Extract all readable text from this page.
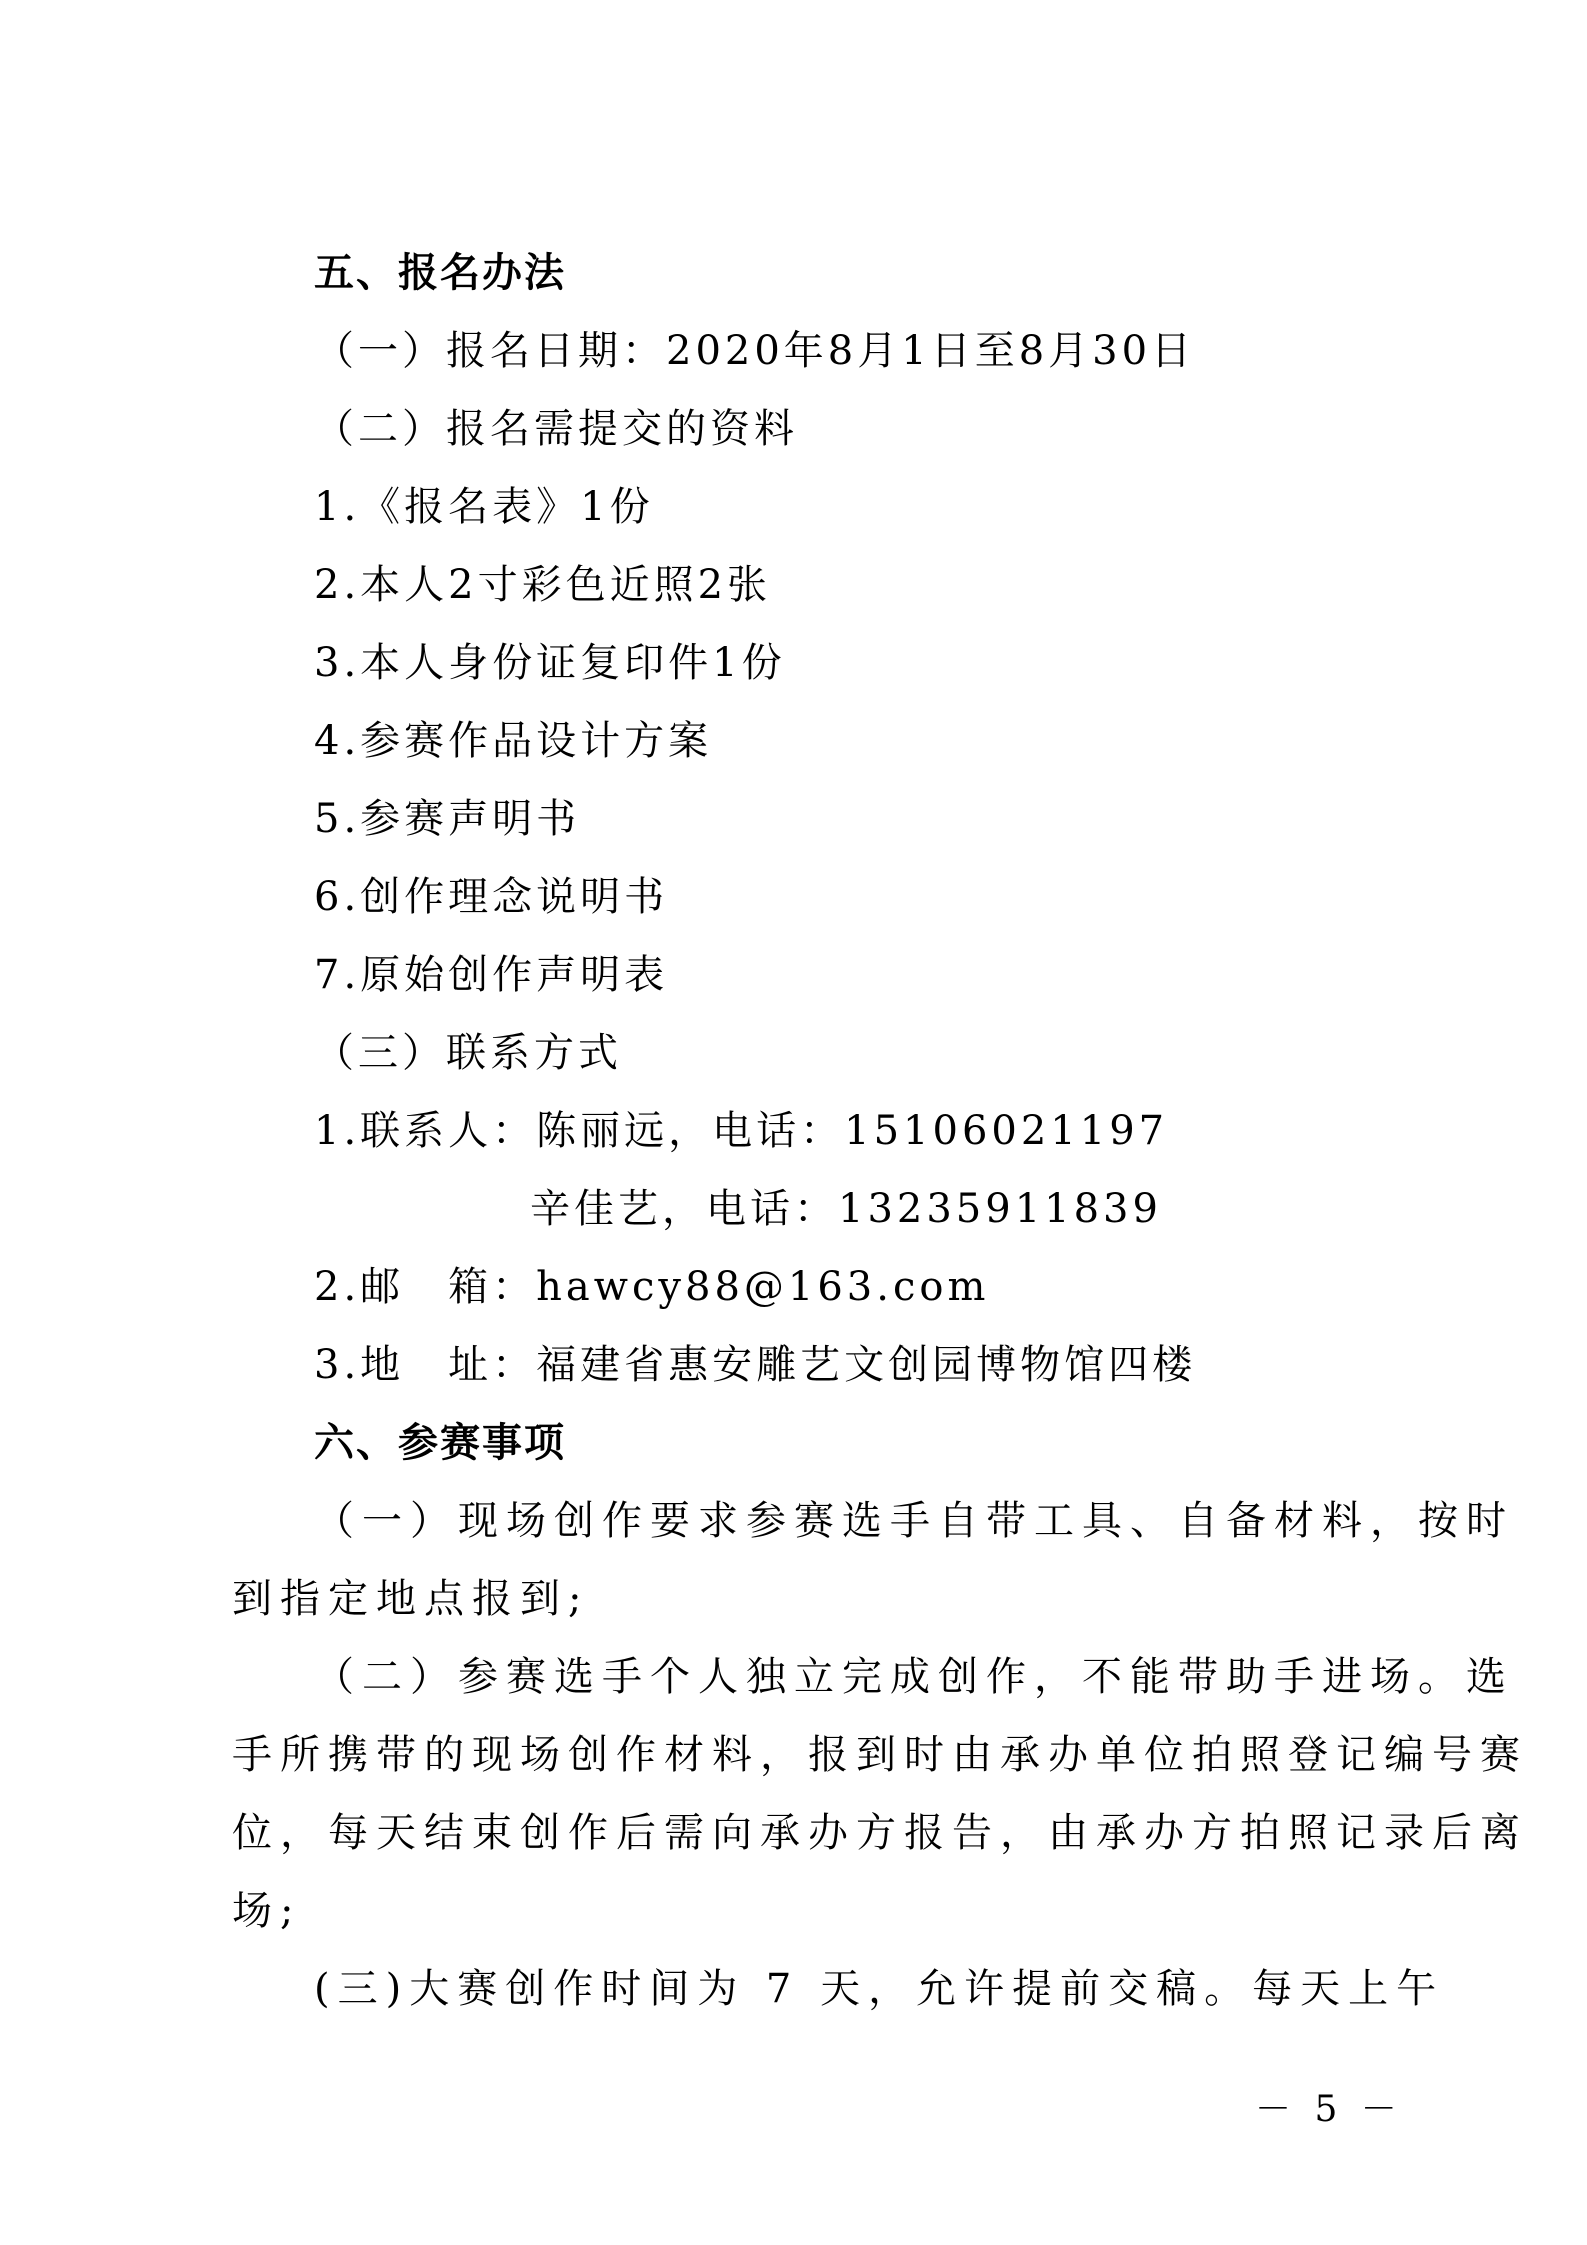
五、报名办法
（一）报名日期：2020年8月1日至8月30日
（二）报名需提交的资料
1.《报名表》1份
2.本人2寸彩色近照2张
3.本人身份证复印件1份
4.参赛作品设计方案
5.参赛声明书
6.创作理念说明书
7.原始创作声明表
（三）联系方式
1.联系人：陈丽远，电话：15106021197
辛佳艺，电话：13235911839
2.邮　箱：hawcy88@163.com
3.地　址：福建省惠安雕艺文创园博物馆四楼
六、参赛事项
（一）现场创作要求参赛选手自带工具、自备材料，按时
到指定地点报到;
（二）参赛选手个人独立完成创作，不能带助手进场。选
手所携带的现场创作材料，报到时由承办单位拍照登记编号赛
位，每天结束创作后需向承办方报告，由承办方拍照记录后离
场;
(三)大赛创作时间为 7 天，允许提前交稿。每天上午
－ 5 －
